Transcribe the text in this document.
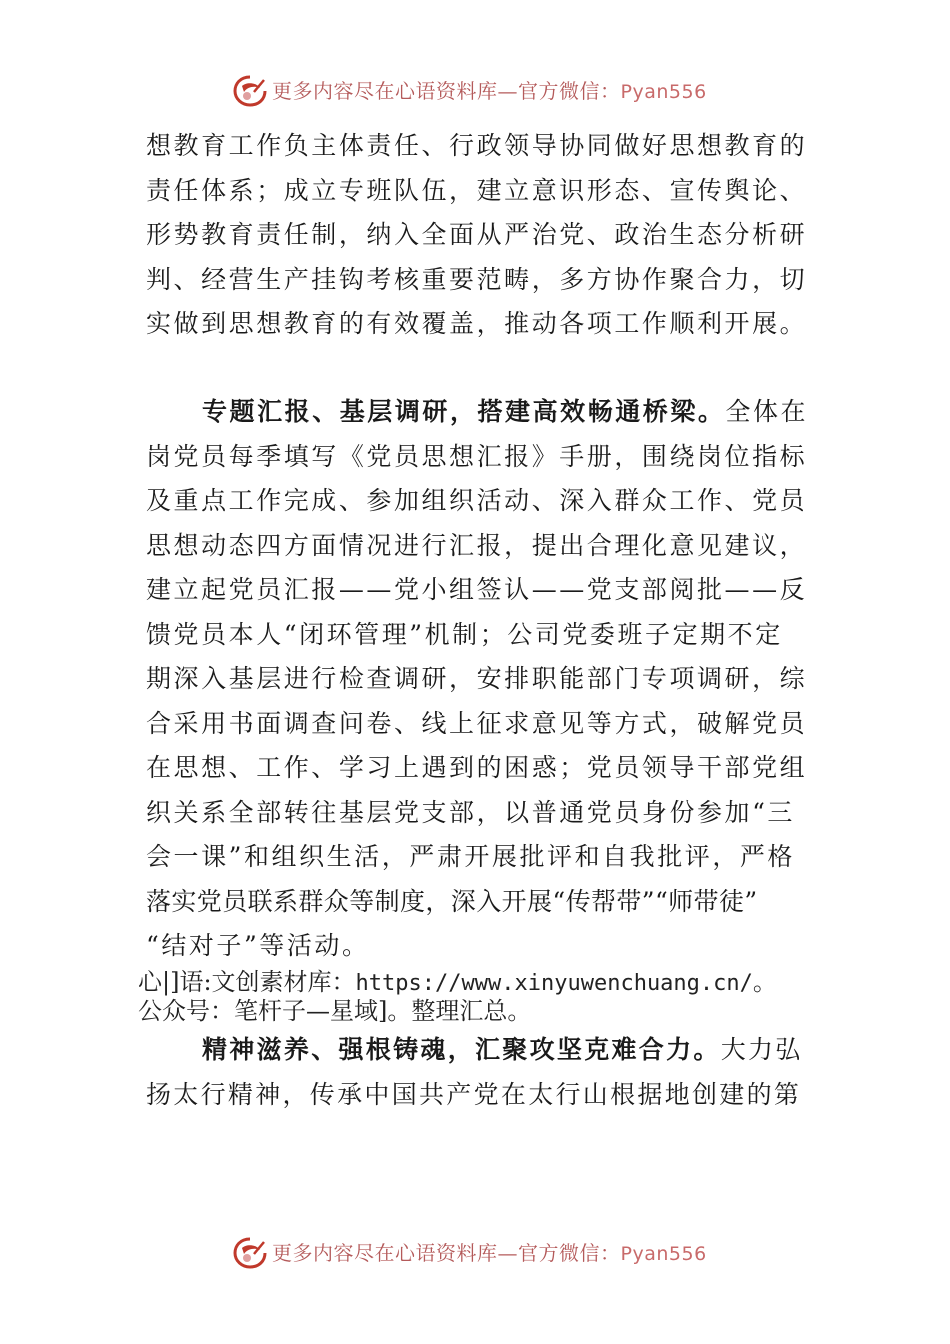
更多内容尽在心语资料库—官方微信：Pyan556
想教育工作负主体责任、行政领导协同做好思想教育的
责任体系；成立专班队伍，建立意识形态、宣传舆论、
形势教育责任制，纳入全面从严治党、政治生态分析研
判、经营生产挂钩考核重要范畴，多方协作聚合力，切
实做到思想教育的有效覆盖，推动各项工作顺利开展。
专题汇报、基层调研，搭建高效畅通桥梁。全体在
岗党员每季填写《党员思想汇报》手册，围绕岗位指标
及重点工作完成、参加组织活动、深入群众工作、党员
思想动态四方面情况进行汇报，提出合理化意见建议，
建立起党员汇报——党小组签认——党支部阅批——反
馈党员本人“闭环管理”机制；公司党委班子定期不定
期深入基层进行检查调研，安排职能部门专项调研，综
合采用书面调查问卷、线上征求意见等方式，破解党员
在思想、工作、学习上遇到的困惑；党员领导干部党组
织关系全部转往基层党支部，以普通党员身份参加“三
会一课”和组织生活，严肃开展批评和自我批评，严格
落实党员联系群众等制度，深入开展“传帮带”“师带徒”
“结对子”等活动。
心|]语:文创素材库：https://www.xinyuwenchuang.cn/。
公众号：笔杆子—星域]。整理汇总。
精神滋养、强根铸魂，汇聚攻坚克难合力。大力弘
扬太行精神，传承中国共产党在太行山根据地创建的第
更多内容尽在心语资料库—官方微信：Pyan556
